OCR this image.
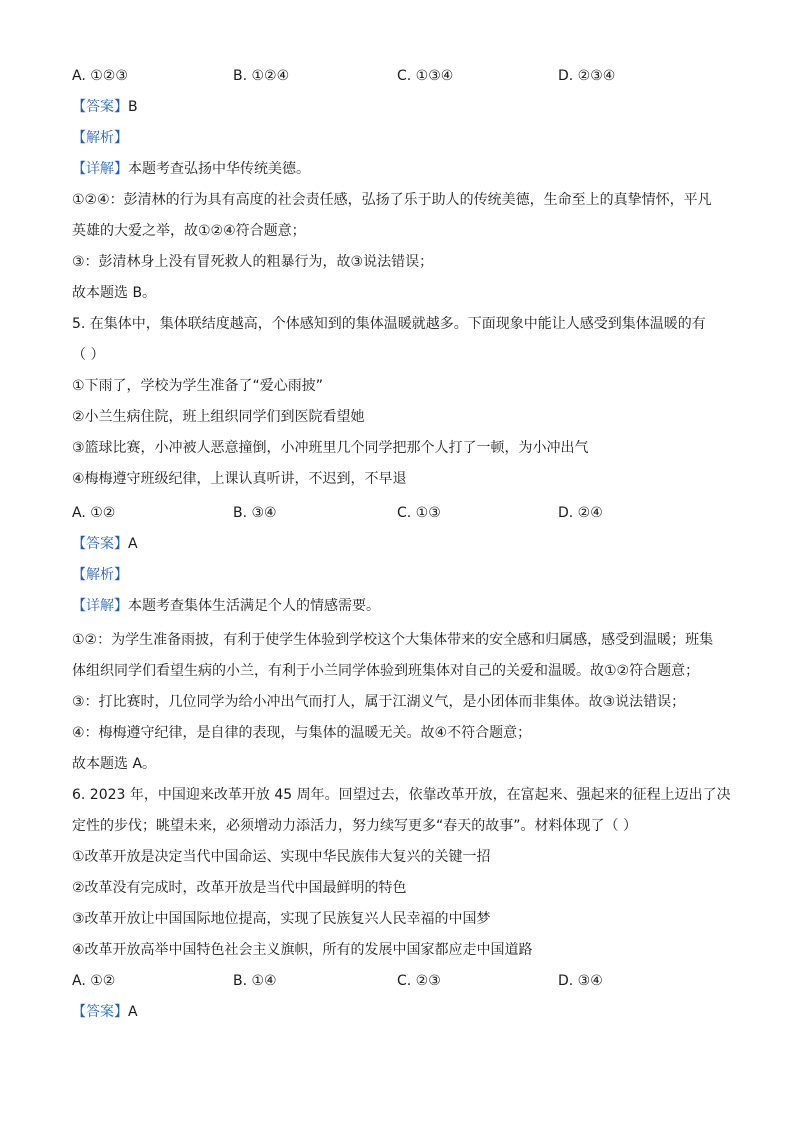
A. ①②③	B. ①②④	C. ①③④	D. ②③④
【答案】B
【解析】
【详解】本题考查弘扬中华传统美德。
①②④：彭清林的行为具有高度的社会责任感，弘扬了乐于助人的传统美德，生命至上的真挚情怀，平凡
英雄的大爱之举，故①②④符合题意；
③：彭清林身上没有冒死救人的粗暴行为，故③说法错误；
故本题选 B。
5. 在集体中，集体联结度越高，个体感知到的集体温暖就越多。下面现象中能让人感受到集体温暖的有
（ ）
①下雨了，学校为学生准备了“爱心雨披”
②小兰生病住院，班上组织同学们到医院看望她
③篮球比赛，小冲被人恶意撞倒，小冲班里几个同学把那个人打了一顿，为小冲出气
④梅梅遵守班级纪律，上课认真听讲，不迟到，不早退
A. ①②	B. ③④	C. ①③	D. ②④
【答案】A
【解析】
【详解】本题考查集体生活满足个人的情感需要。
①②：为学生准备雨披，有利于使学生体验到学校这个大集体带来的安全感和归属感，感受到温暖；班集
体组织同学们看望生病的小兰，有利于小兰同学体验到班集体对自己的关爱和温暖。故①②符合题意；
③：打比赛时，几位同学为给小冲出气而打人，属于江湖义气，是小团体而非集体。故③说法错误；
④：梅梅遵守纪律，是自律的表现，与集体的温暖无关。故④不符合题意；
故本题选 A。
6. 2023 年，中国迎来改革开放 45 周年。回望过去，依靠改革开放，在富起来、强起来的征程上迈出了决
定性的步伐；眺望未来，必须增动力添活力，努力续写更多“春天的故事”。材料体现了（ ）
①改革开放是决定当代中国命运、实现中华民族伟大复兴的关键一招
②改革没有完成时，改革开放是当代中国最鲜明的特色
③改革开放让中国国际地位提高，实现了民族复兴人民幸福的中国梦
④改革开放高举中国特色社会主义旗帜，所有的发展中国家都应走中国道路
A. ①②	B. ①④	C. ②③	D. ③④
【答案】A
